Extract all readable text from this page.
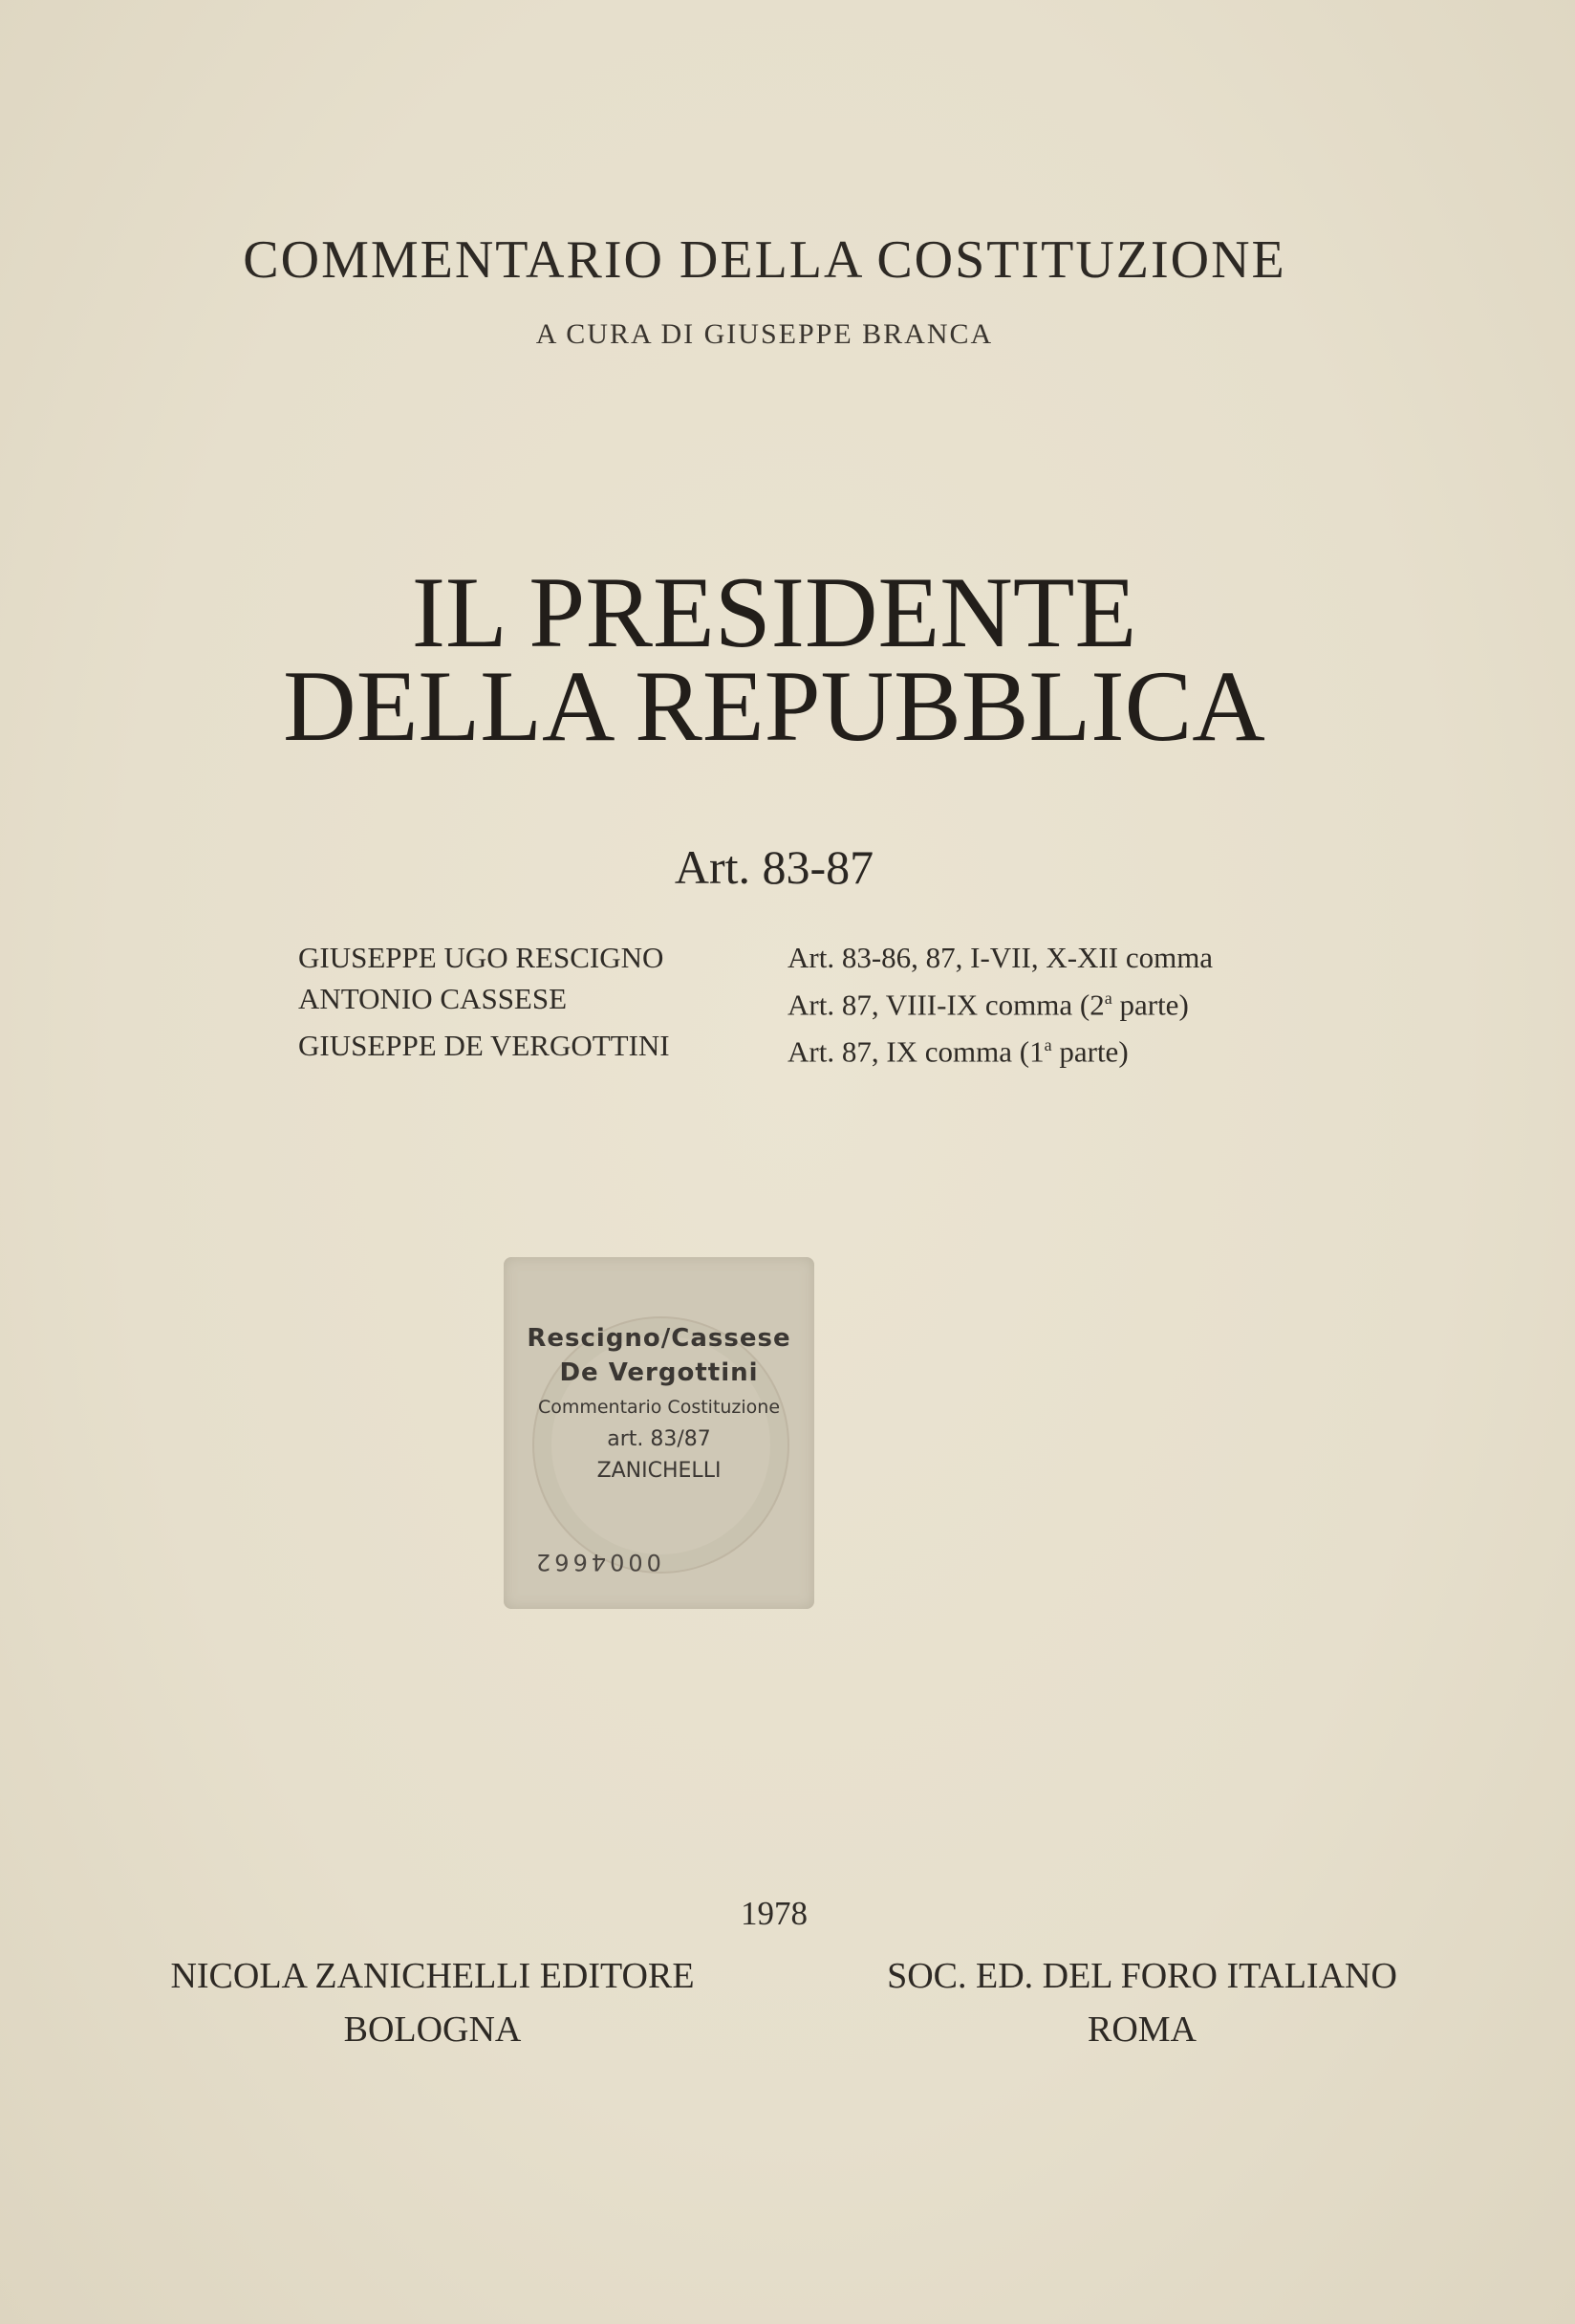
COMMENTARIO DELLA COSTITUZIONE
A CURA DI GIUSEPPE BRANCA
IL PRESIDENTE
DELLA REPUBBLICA
Art. 83-87
GIUSEPPE UGO RESCIGNO	Art. 83-86, 87, I-VII, X-XII comma
ANTONIO CASSESE	Art. 87, VIII-IX comma (2$^a$ parte)
GIUSEPPE DE VERGOTTINI	Art. 87, IX comma (1$^a$ parte)
Rescigno/Cassese
De Vergottini
Commentario Costituzione
art. 83/87
ZANICHELLI
0004662
1978
NICOLA ZANICHELLI EDITORE
BOLOGNA
SOC. ED. DEL FORO ITALIANO
ROMA
